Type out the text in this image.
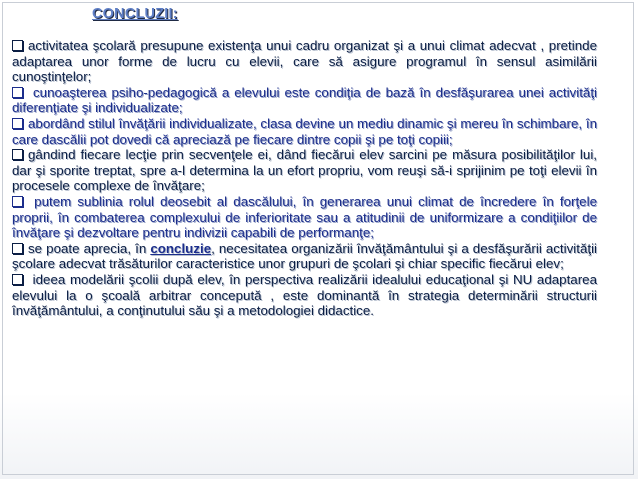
CONCLUZII:

activitatea şcolară presupune existenţa unui cadru organizat şi a unui climat adecvat , pretinde adaptarea unor forme de lucru cu elevii, care să asigure programul în sensul asimilării cunoştinţelor;

cunoaşterea psiho-pedagogică a elevului este condiţia de bază în desfăşurarea unei activităţi diferenţiate şi individualizate;

abordând stilul învăţării individualizate, clasa devine un mediu dinamic şi mereu în schimbare, în care dascălii pot dovedi că apreciază pe fiecare dintre copii şi pe toţi copiii;

gândind fiecare lecţie prin secvenţele ei, dând fiecărui elev sarcini pe măsura posibilităţilor lui, dar şi sporite treptat, spre a-l determina la un efort propriu, vom reuşi să-i sprijinim pe toţi elevii în procesele complexe de învăţare;

putem sublinia rolul deosebit al dascălului, în generarea unui climat de încredere în forţele proprii, în combaterea complexului de inferioritate sau a atitudinii de uniformizare a condiţiilor de învăţare şi dezvoltare pentru indivizii capabili de performanţe;

se poate aprecia, în concluzie, necesitatea organizării învăţământului şi a desfăşurării activităţii şcolare adecvat trăsăturilor caracteristice unor grupuri de şcolari şi chiar specific fiecărui elev;

ideea modelării şcolii după elev, în perspectiva realizării idealului educaţional şi NU adaptarea elevului la o şcoală arbitrar concepută , este dominantă în strategia determinării structurii învăţământului, a conţinutului său şi a metodologiei didactice.
